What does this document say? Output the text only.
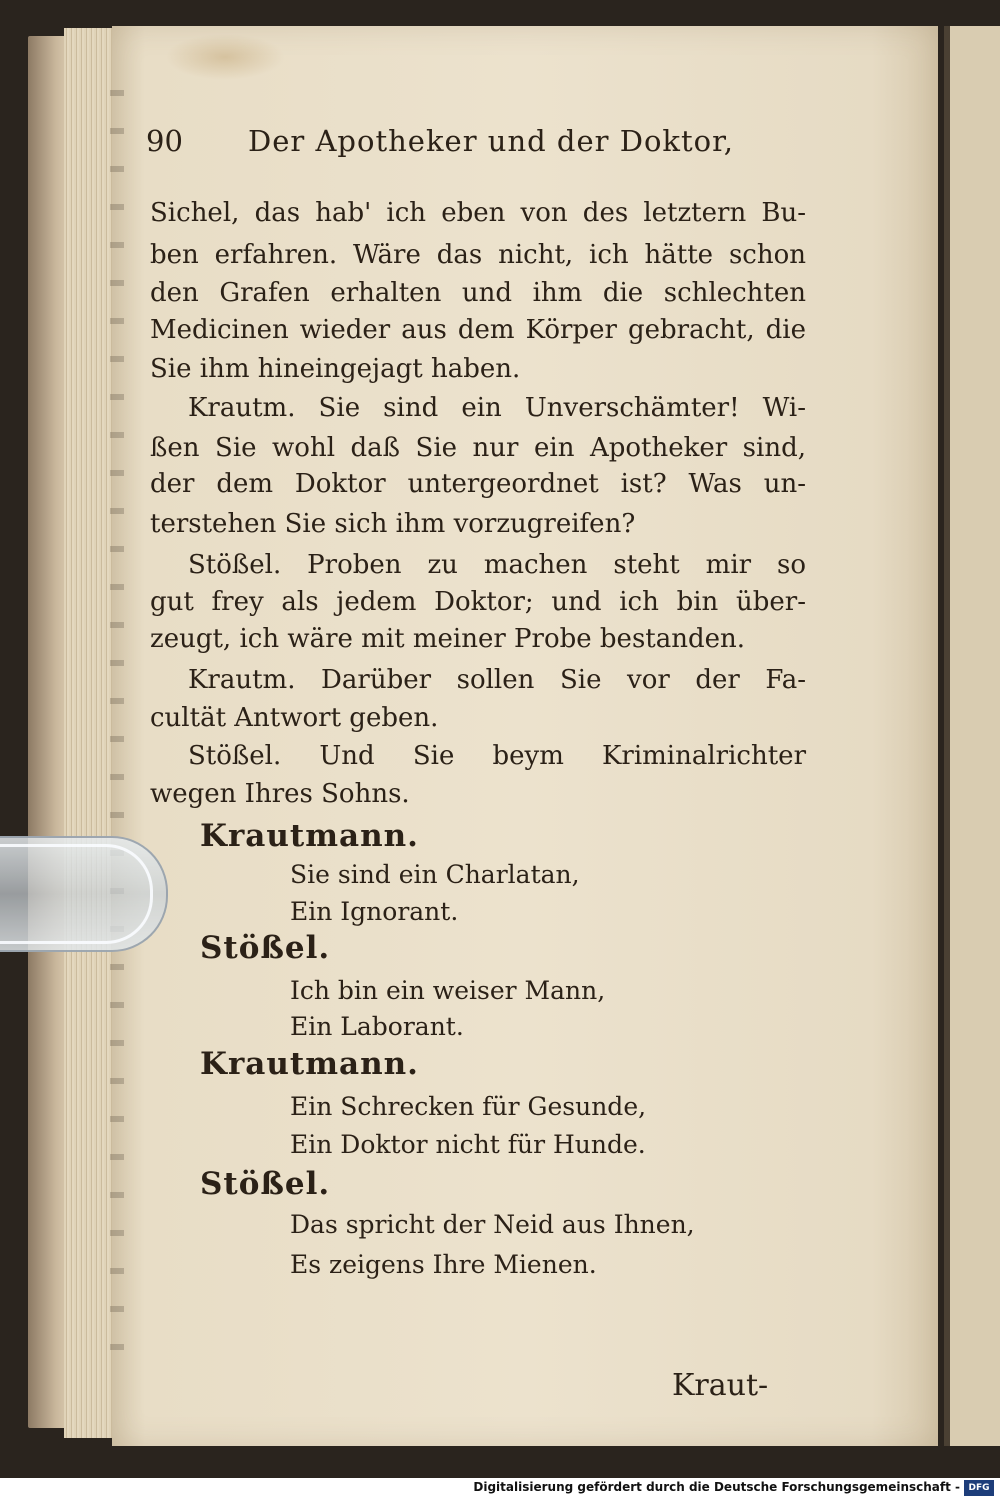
90 Der Apotheker und der Doktor,
Sichel, das hab' ich eben von des letztern Bu-
ben erfahren. Wäre das nicht, ich hätte schon
den Grafen erhalten und ihm die schlechten
Medicinen wieder aus dem Körper gebracht, die
Sie ihm hineingejagt haben.
Krautm. Sie sind ein Unverschämter! Wi-
ßen Sie wohl daß Sie nur ein Apotheker sind,
der dem Doktor untergeordnet ist? Was un-
terstehen Sie sich ihm vorzugreifen?
Stößel. Proben zu machen steht mir so
gut frey als jedem Doktor; und ich bin über-
zeugt, ich wäre mit meiner Probe bestanden.
Krautm. Darüber sollen Sie vor der Fa-
cultät Antwort geben.
Stößel. Und Sie beym Kriminalrichter
wegen Ihres Sohns.
Krautmann.
Sie sind ein Charlatan,
Ein Ignorant.
Stößel.
Ich bin ein weiser Mann,
Ein Laborant.
Krautmann.
Ein Schrecken für Gesunde,
Ein Doktor nicht für Hunde.
Stößel.
Das spricht der Neid aus Ihnen,
Es zeigens Ihre Mienen.
Kraut-
Digitalisierung gefördert durch die Deutsche Forschungsgemeinschaft - DFG
